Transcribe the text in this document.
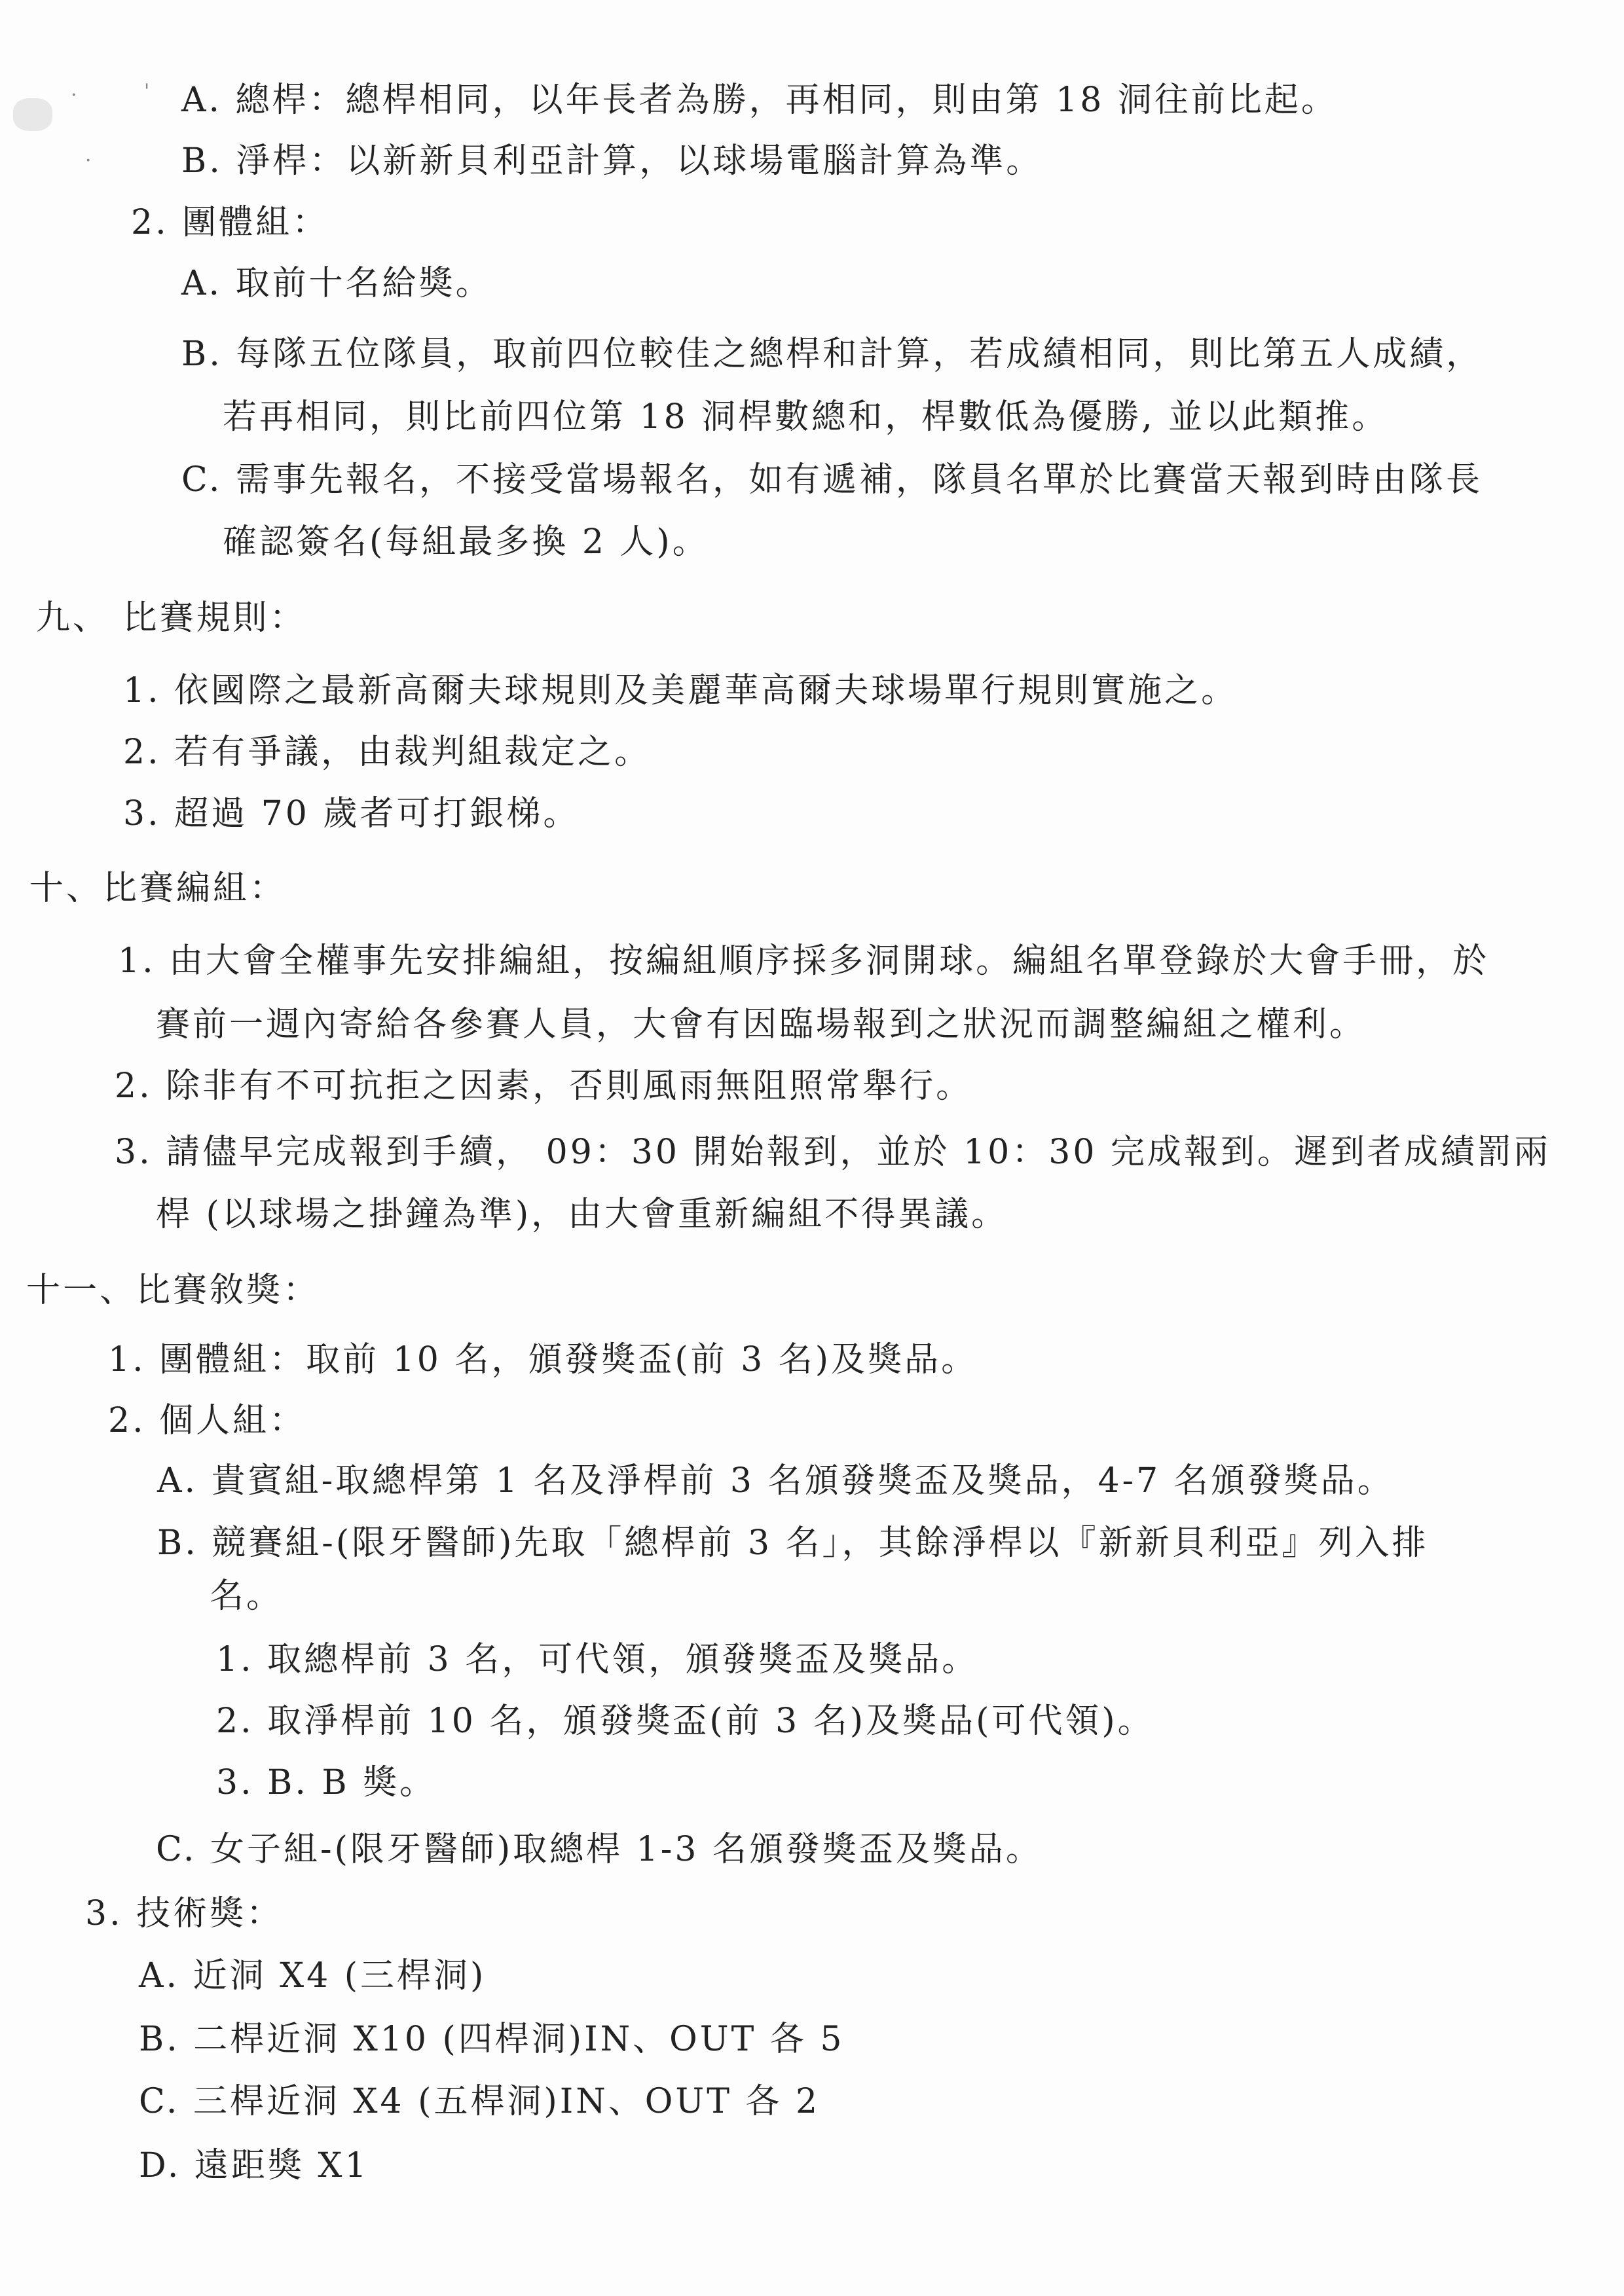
·	'
·
A. 總桿：總桿相同，以年長者為勝，再相同，則由第 18 洞往前比起。
B. 淨桿：以新新貝利亞計算，以球場電腦計算為準。
2. 團體組：
A. 取前十名給獎。
B. 每隊五位隊員，取前四位較佳之總桿和計算，若成績相同，則比第五人成績，
若再相同，則比前四位第 18 洞桿數總和，桿數低為優勝, 並以此類推。
C. 需事先報名，不接受當場報名，如有遞補，隊員名單於比賽當天報到時由隊長
確認簽名(每組最多換 2 人)。
九、 比賽規則：
1. 依國際之最新高爾夫球規則及美麗華高爾夫球場單行規則實施之。
2. 若有爭議，由裁判組裁定之。
3. 超過 70 歲者可打銀梯。
十、比賽編組：
1. 由大會全權事先安排編組，按編組順序採多洞開球。編組名單登錄於大會手冊，於
賽前一週內寄給各參賽人員，大會有因臨場報到之狀況而調整編組之權利。
2. 除非有不可抗拒之因素，否則風雨無阻照常舉行。
3. 請儘早完成報到手續， 09：30 開始報到，並於 10：30 完成報到。遲到者成績罰兩
桿 (以球場之掛鐘為準)，由大會重新編組不得異議。
十一、比賽敘獎：
1. 團體組：取前 10 名，頒發獎盃(前 3 名)及獎品。
2. 個人組：
A. 貴賓組-取總桿第 1 名及淨桿前 3 名頒發獎盃及獎品，4-7 名頒發獎品。
B. 競賽組-(限牙醫師)先取「總桿前 3 名」，其餘淨桿以『新新貝利亞』列入排
名。
1. 取總桿前 3 名，可代領，頒發獎盃及獎品。
2. 取淨桿前 10 名，頒發獎盃(前 3 名)及獎品(可代領)。
3. B. B 獎。
C. 女子組-(限牙醫師)取總桿 1-3 名頒發獎盃及獎品。
3. 技術獎：
A. 近洞 X4 (三桿洞)
B. 二桿近洞 X10 (四桿洞)IN、OUT 各 5
C. 三桿近洞 X4 (五桿洞)IN、OUT 各 2
D. 遠距獎 X1
